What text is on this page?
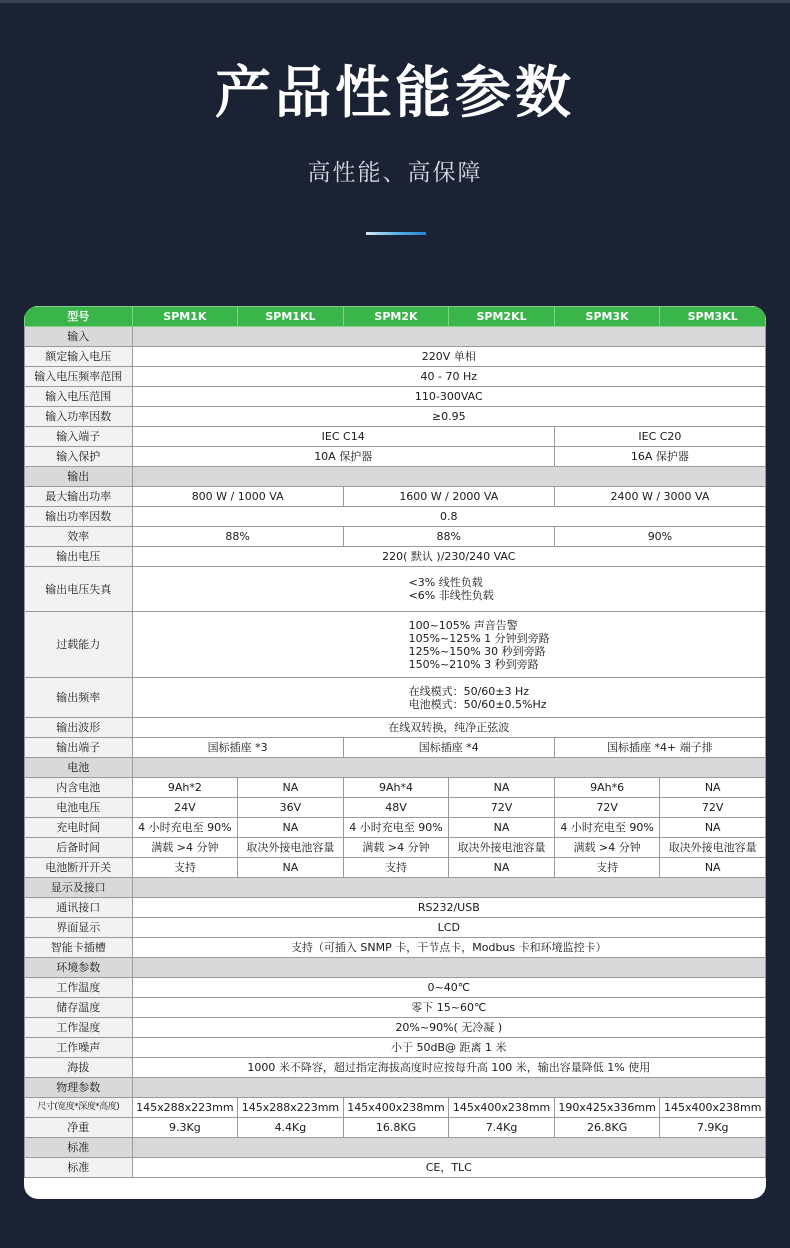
产品性能参数
高性能、高保障
型号	SPM1K	SPM1KL	SPM2K	SPM2KL	SPM3K	SPM3KL
输入						
额定输入电压	220V 单相					
输入电压频率范围	40 - 70 Hz					
输入电压范围	110-300VAC					
输入功率因数	≥0.95					
输入端子	IEC C14				IEC C20	
输入保护	10A 保护器				16A 保护器	
输出						
最大输出功率	800 W / 1000 VA		1600 W / 2000 VA		2400 W / 3000 VA	
输出功率因数	0.8					
效率	88%		88%		90%	
输出电压	220( 默认 )/230/240 VAC					
输出电压失真	<3% 线性负载
<6% 非线性负载					

过载能力	100~105% 声音告警
105%~125% 1 分钟到旁路
125%~150% 30 秒到旁路
150%~210% 3 秒到旁路					

输出频率	在线模式：50/60±3 Hz
电池模式：50/60±0.5%Hz					

输出波形	在线双转换，纯净正弦波					
输出端子	国标插座 *3		国标插座 *4		国标插座 *4+ 端子排	
电池						
内含电池	9Ah*2	NA	9Ah*4	NA	9Ah*6	NA
电池电压	24V	36V	48V	72V	72V	72V
充电时间	4 小时充电至 90%	NA	4 小时充电至 90%	NA	4 小时充电至 90%	NA
后备时间	满载 >4 分钟	取决外接电池容量	满载 >4 分钟	取决外接电池容量	满载 >4 分钟	取决外接电池容量
电池断开开关	支持	NA	支持	NA	支持	NA
显示及接口						
通讯接口	RS232/USB					
界面显示	LCD					
智能卡插槽	支持（可插入 SNMP 卡，干节点卡，Modbus 卡和环境监控卡）					
环境参数						
工作温度	0~40℃					
储存温度	零下 15~60℃					
工作湿度	20%~90%( 无冷凝 )					
工作噪声	小于 50dB@ 距离 1 米					
海拔	1000 米不降容，超过指定海拔高度时应按每升高 100 米，输出容量降低 1% 使用					
物理参数						
尺寸(宽度*深度*高度)	145x288x223mm	145x288x223mm	145x400x238mm	145x400x238mm	190x425x336mm	145x400x238mm
净重	9.3Kg	4.4Kg	16.8KG	7.4Kg	26.8KG	7.9Kg
标准						
标准	CE，TLC					
